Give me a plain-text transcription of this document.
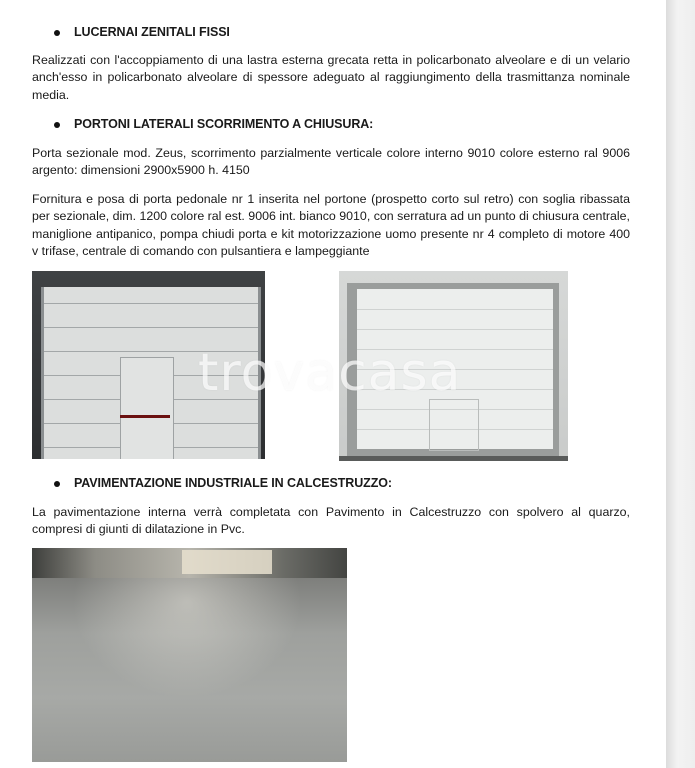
LUCERNAI ZENITALI FISSI
Realizzati con l'accoppiamento di una lastra esterna grecata retta in policarbonato alveolare e di un velario anch'esso in policarbonato alveolare di spessore adeguato al raggiungimento della trasmittanza nominale media.
PORTONI LATERALI SCORRIMENTO A CHIUSURA:
Porta sezionale mod. Zeus, scorrimento parzialmente verticale colore interno 9010 colore esterno ral 9006 argento: dimensioni 2900x5900 h. 4150
Fornitura e posa di porta pedonale nr 1 inserita nel portone (prospetto corto sul retro) con soglia ribassata per sezionale, dim. 1200 colore ral est. 9006 int. bianco 9010, con serratura ad un punto di chiusura centrale, maniglione antipanico, pompa chiudi porta e kit motorizzazione uomo presente nr 4 completo di motore 400 v trifase, centrale di comando con pulsantiera e lampeggiante
trovacasa
PAVIMENTAZIONE INDUSTRIALE IN CALCESTRUZZO:
La pavimentazione interna verrà completata con Pavimento in Calcestruzzo con spolvero al quarzo, compresi di giunti di dilatazione in Pvc.
